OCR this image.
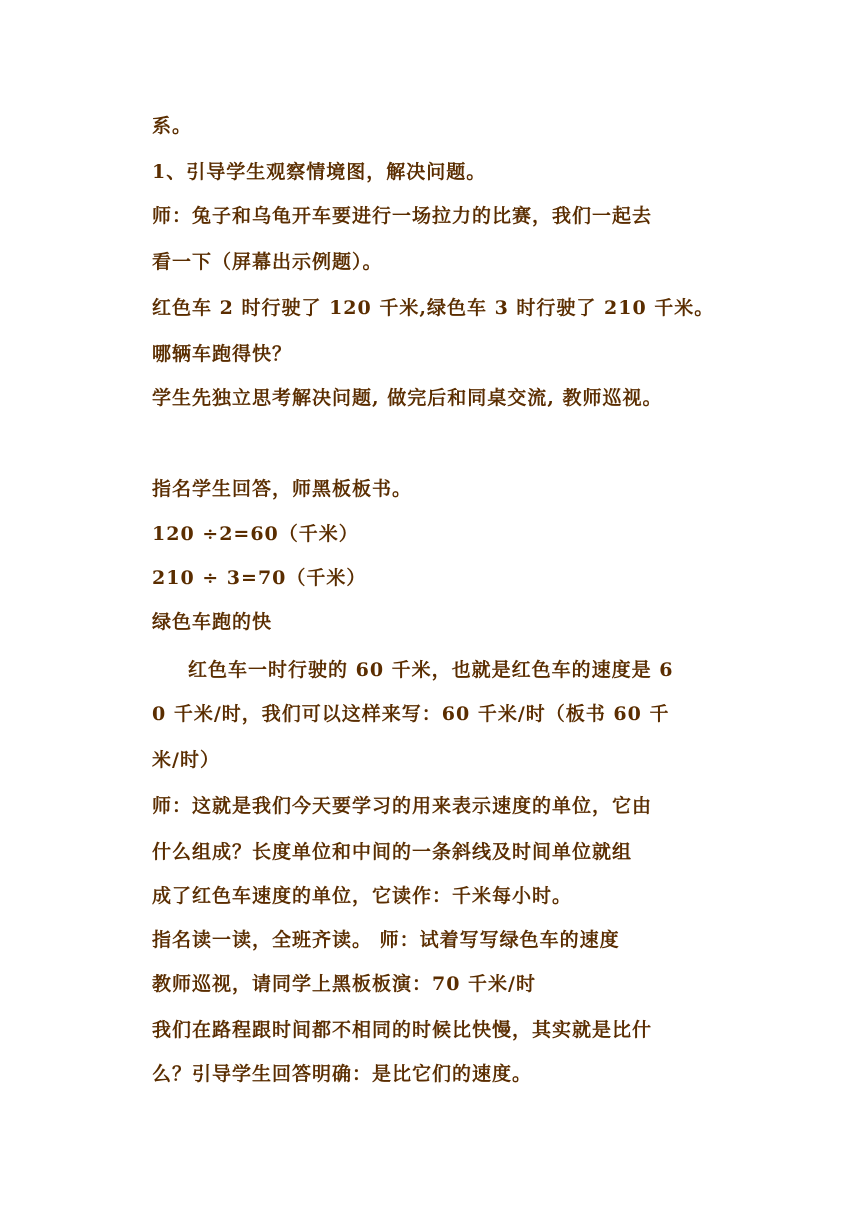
系。
1、引导学生观察情境图，解决问题。
师：兔子和乌龟开车要进行一场拉力的比赛，我们一起去
看一下（屏幕出示例题）。
红色车 2 时行驶了 120 千米,绿色车 3 时行驶了 210 千米。
哪辆车跑得快？
学生先独立思考解决问题, 做完后和同桌交流, 教师巡视。
指名学生回答，师黑板板书。
120 ÷2=60（千米）
210 ÷ 3=70（千米）
绿色车跑的快
红色车一时行驶的 60 千米，也就是红色车的速度是 6
0 千米/时，我们可以这样来写：60 千米/时（板书 60 千
米/时）
师：这就是我们今天要学习的用来表示速度的单位，它由
什么组成？长度单位和中间的一条斜线及时间单位就组
成了红色车速度的单位，它读作：千米每小时。
指名读一读，全班齐读。 师：试着写写绿色车的速度
教师巡视，请同学上黑板板演：70 千米/时
我们在路程跟时间都不相同的时候比快慢，其实就是比什
么？引导学生回答明确：是比它们的速度。
